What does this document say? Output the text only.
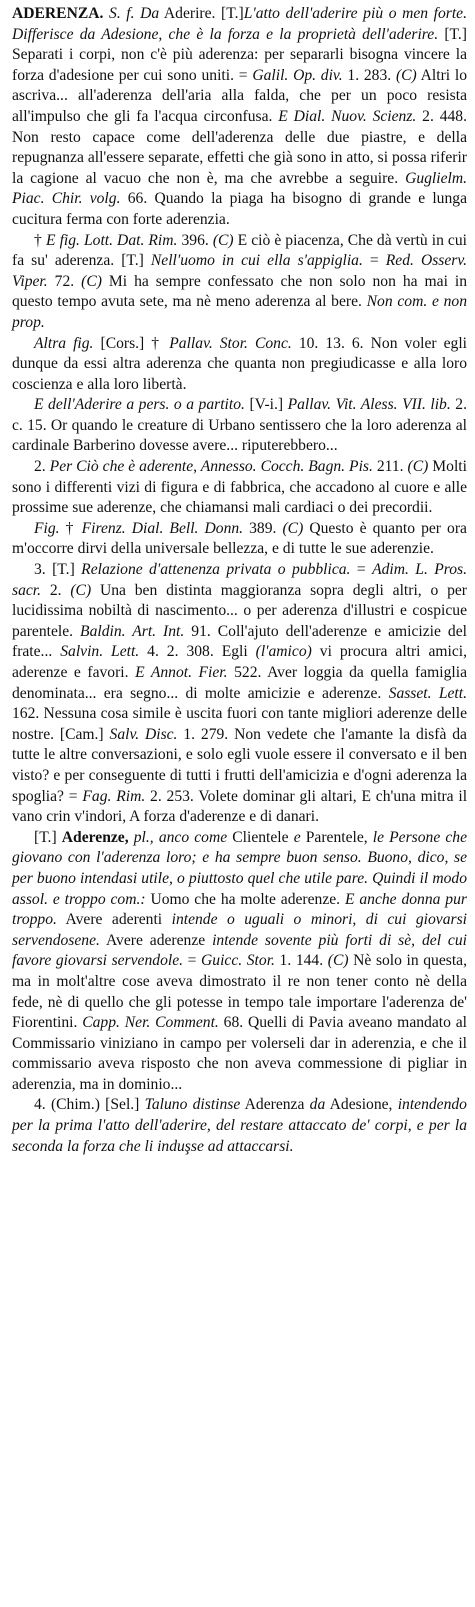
ADERENZA. S. f. Da Aderire. [T.]L'atto dell'aderire più o men forte. Differisce da Adesione, che è la forza e la proprietà dell'aderire. [T.] Separati i corpi, non c'è più aderenza: per separarli bisogna vincere la forza d'adesione per cui sono uniti. = Galil. Op. div. 1. 283. (C) Altri lo ascriva... all'aderenza dell'aria alla falda, che per un poco resista all'impulso che gli fa l'acqua circonfusa. E Dial. Nuov. Scienz. 2. 448. Non resto capace come dell'aderenza delle due piastre, e della repugnanza all'essere separate, effetti che già sono in atto, si possa riferir la cagione al vacuo che non è, ma che avrebbe a seguire. Guglielm. Piac. Chir. volg. 66. Quando la piaga ha bisogno di grande e lunga cucitura ferma con forte aderenzia.

† E fig. Lott. Dat. Rim. 396. (C) E ciò è piacenza, Che dà vertù in cui fa su' aderenza. [T.] Nell'uomo in cui ella s'appiglia. = Red. Osserv. Viper. 72. (C) Mi ha sempre confessato che non solo non ha mai in questo tempo avuta sete, ma nè meno aderenza al bere. Non com. e non prop.

Altra fig. [Cors.] † Pallav. Stor. Conc. 10. 13. 6. Non voler egli dunque da essi altra aderenza che quanta non pregiudicasse e alla loro coscienza e alla loro libertà.

E dell'Aderire a pers. o a partito. [V-i.] Pallav. Vit. Aless. VII. lib. 2. c. 15. Or quando le creature di Urbano sentissero che la loro aderenza al cardinale Barberino dovesse avere... riputerebbero...

2. Per Ciò che è aderente, Annesso. Cocch. Bagn. Pis. 211. (C) Molti sono i differenti vizi di figura e di fabbrica, che accadono al cuore e alle prossime sue aderenze, che chiamansi mali cardiaci o dei precordii.

Fig. † Firenz. Dial. Bell. Donn. 389. (C) Questo è quanto per ora m'occorre dirvi della universale bellezza, e di tutte le sue aderenzie.

3. [T.] Relazione d'attenenza privata o pubblica. = Adim. L. Pros. sacr. 2. (C) Una ben distinta maggioranza sopra degli altri, o per lucidissima nobiltà di nascimento... o per aderenza d'illustri e cospicue parentele. Baldin. Art. Int. 91. Coll'ajuto dell'aderenze e amicizie del frate... Salvin. Lett. 4. 2. 308. Egli (l'amico) vi procura altri amici, aderenze e favori. E Annot. Fier. 522. Aver loggia da quella famiglia denominata... era segno... di molte amicizie e aderenze. Sasset. Lett. 162. Nessuna cosa simile è uscita fuori con tante migliori aderenze delle nostre. [Cam.] Salv. Disc. 1. 279. Non vedete che l'amante la disfà da tutte le altre conversazioni, e solo egli vuole essere il conversato e il ben visto? e per conseguente di tutti i frutti dell'amicizia e d'ogni aderenza la spoglia? = Fag. Rim. 2. 253. Volete dominar gli altari, E ch'una mitra il vano crin v'indori, A forza d'aderenze e di danari.

[T.] Aderenze, pl., anco come Clientele e Parentele, le Persone che giovano con l'aderenza loro; e ha sempre buon senso. Buono, dico, se per buono intendasi utile, o piuttosto quel che utile pare. Quindi il modo assol. e troppo com.: Uomo che ha molte aderenze. E anche donna pur troppo. Avere aderenti intende o uguali o minori, di cui giovarsi servendosene. Avere aderenze intende sovente più forti di sè, del cui favore giovarsi servendole. = Guicc. Stor. 1. 144. (C) Nè solo in questa, ma in molt'altre cose aveva dimostrato il re non tener conto nè della fede, nè di quello che gli potesse in tempo tale importare l'aderenza de' Fiorentini. Capp. Ner. Comment. 68. Quelli di Pavia aveano mandato al Commissario viniziano in campo per volerseli dar in aderenzia, e che il commissario aveva risposto che non aveva commessione di pigliar in aderenzia, ma in dominio...

4. (Chim.) [Sel.] Taluno distinse Aderenza da Adesione, intendendo per la prima l'atto dell'aderire, del restare attaccato de' corpi, e per la seconda la forza che li induşse ad attaccarsi.
